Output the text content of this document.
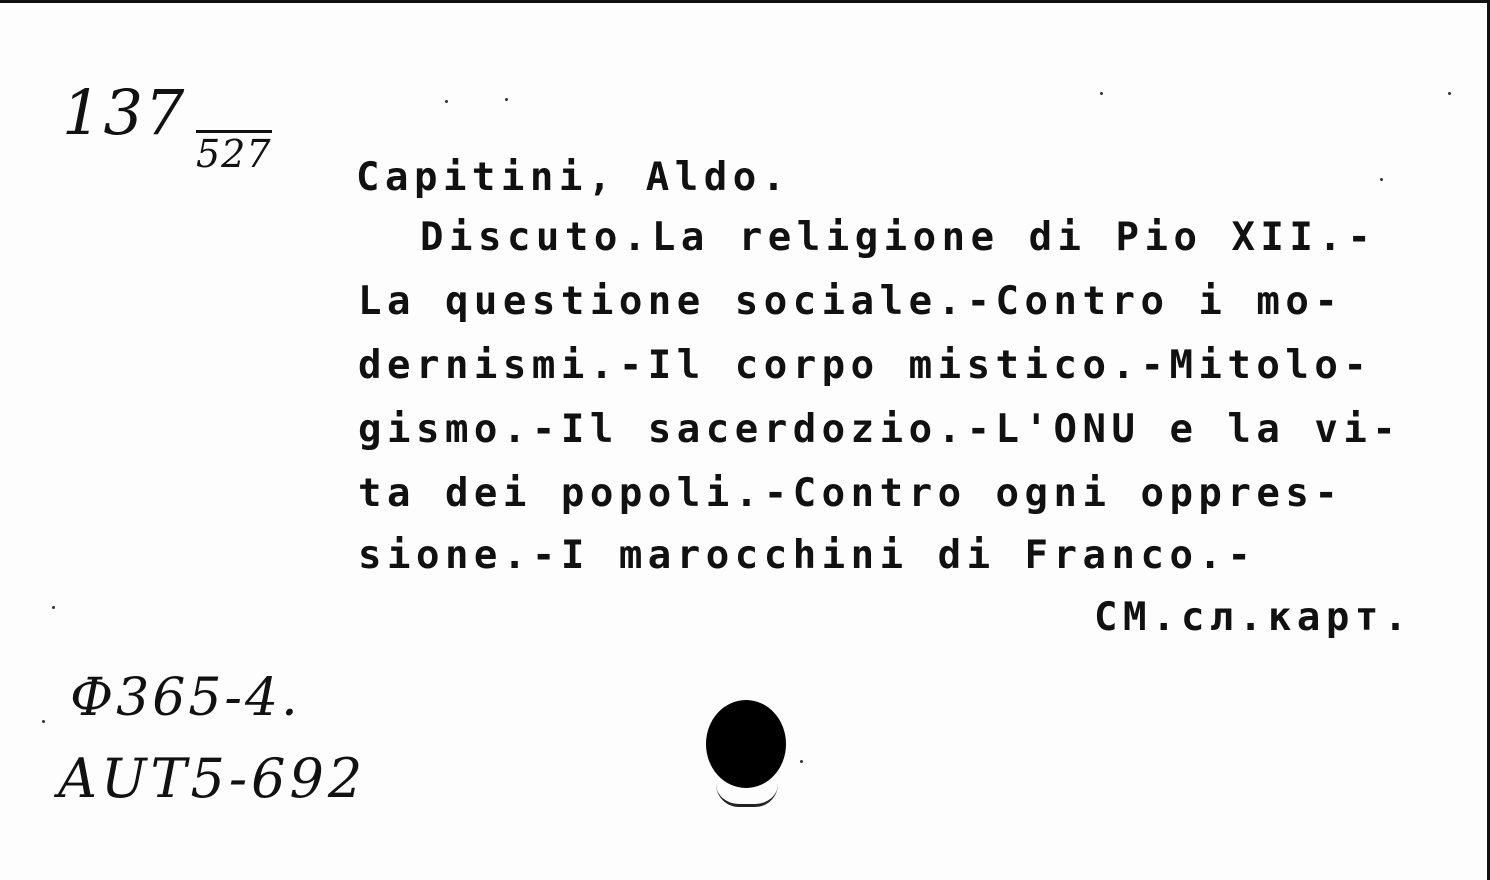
137
527
Capitini, Aldo.
Discuto.La religione di Pio XII.-
La questione sociale.-Contro i mo-
dernismi.-Il corpo mistico.-Mitolo-
gismo.-Il sacerdozio.-L'ONU e la vi-
ta dei popoli.-Contro ogni oppres-
sione.-I marocchini di Franco.-
СМ.сл.карт.
Ф365-4.
AUT5-692
